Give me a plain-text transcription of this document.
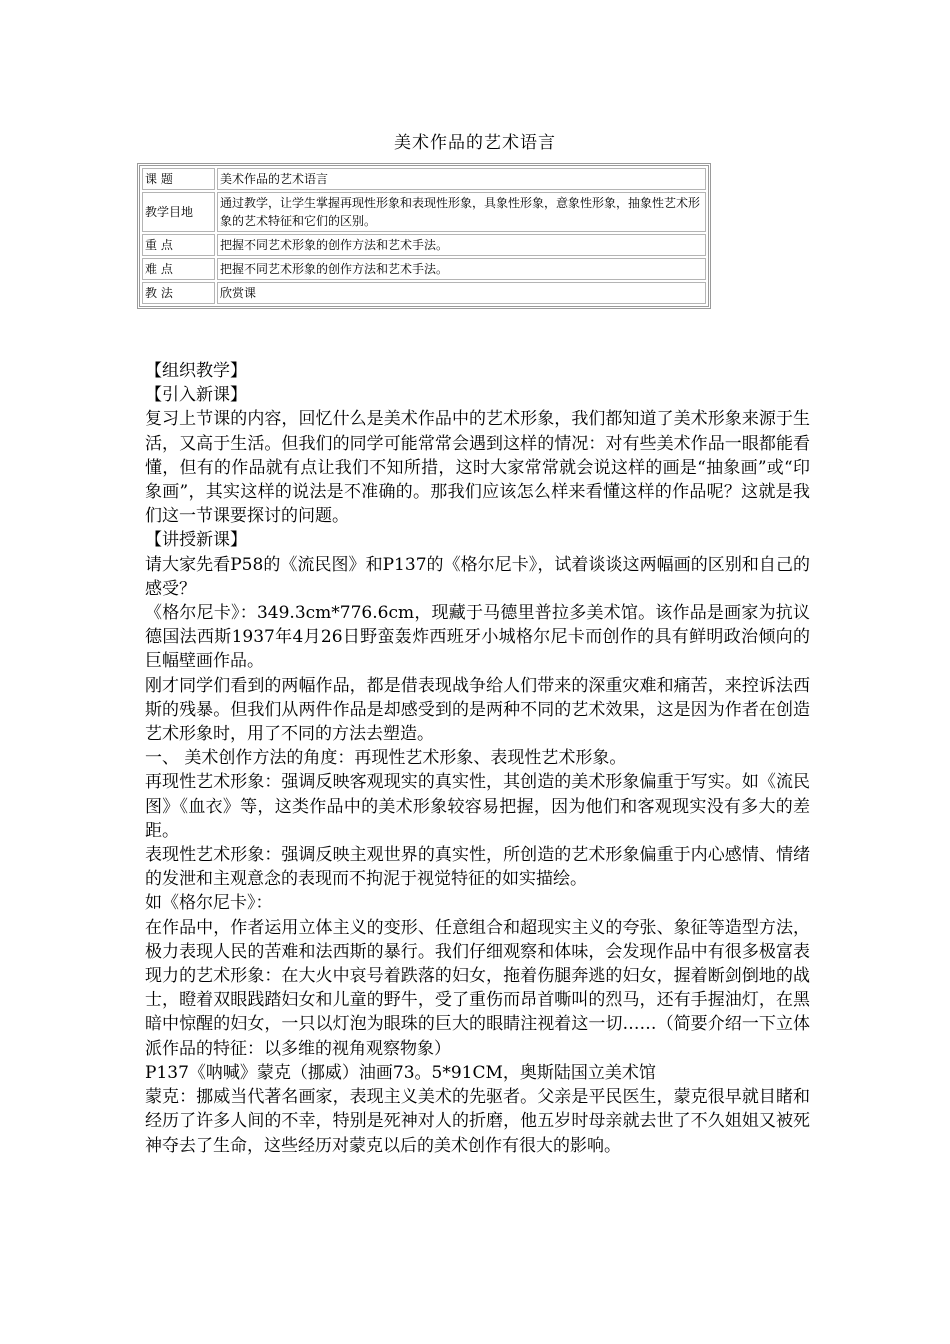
美术作品的艺术语言
课 题	美术作品的艺术语言
教学目地	通过教学，让学生掌握再现性形象和表现性形象，具象性形象，意象性形象，抽象性艺术形象的艺术特征和它们的区别。
重 点	把握不同艺术形象的创作方法和艺术手法。
难 点	把握不同艺术形象的创作方法和艺术手法。
教 法	欣赏课

【组织教学】

【引入新课】

复习上节课的内容，回忆什么是美术作品中的艺术形象，我们都知道了美术形象来源于生活，又高于生活。但我们的同学可能常常会遇到这样的情况：对有些美术作品一眼都能看懂，但有的作品就有点让我们不知所措，这时大家常常就会说这样的画是“抽象画”或“印象画”，其实这样的说法是不准确的。那我们应该怎么样来看懂这样的作品呢？这就是我们这一节课要探讨的问题。

【讲授新课】

请大家先看P58的《流民图》和P137的《格尔尼卡》，试着谈谈这两幅画的区别和自己的感受？

《格尔尼卡》：349.3cm*776.6cm，现藏于马德里普拉多美术馆。该作品是画家为抗议德国法西斯1937年4月26日野蛮轰炸西班牙小城格尔尼卡而创作的具有鲜明政治倾向的巨幅壁画作品。

刚才同学们看到的两幅作品，都是借表现战争给人们带来的深重灾难和痛苦，来控诉法西斯的残暴。但我们从两件作品是却感受到的是两种不同的艺术效果，这是因为作者在创造艺术形象时，用了不同的方法去塑造。

一、 美术创作方法的角度：再现性艺术形象、表现性艺术形象。

再现性艺术形象：强调反映客观现实的真实性，其创造的美术形象偏重于写实。如《流民图》《血衣》等，这类作品中的美术形象较容易把握，因为他们和客观现实没有多大的差距。

表现性艺术形象：强调反映主观世界的真实性，所创造的艺术形象偏重于内心感情、情绪的发泄和主观意念的表现而不拘泥于视觉特征的如实描绘。

如《格尔尼卡》：

在作品中，作者运用立体主义的变形、任意组合和超现实主义的夸张、象征等造型方法，极力表现人民的苦难和法西斯的暴行。我们仔细观察和体味，会发现作品中有很多极富表现力的艺术形象：在大火中哀号着跌落的妇女，拖着伤腿奔逃的妇女，握着断剑倒地的战士，瞪着双眼践踏妇女和儿童的野牛，受了重伤而昂首嘶叫的烈马，还有手握油灯，在黑暗中惊醒的妇女，一只以灯泡为眼珠的巨大的眼睛注视着这一切……（简要介绍一下立体派作品的特征：以多维的视角观察物象）

P137《呐喊》蒙克（挪威）油画73。5*91CM，奥斯陆国立美术馆

蒙克：挪威当代著名画家，表现主义美术的先驱者。父亲是平民医生，蒙克很早就目睹和经历了许多人间的不幸，特别是死神对人的折磨，他五岁时母亲就去世了不久姐姐又被死神夺去了生命，这些经历对蒙克以后的美术创作有很大的影响。
